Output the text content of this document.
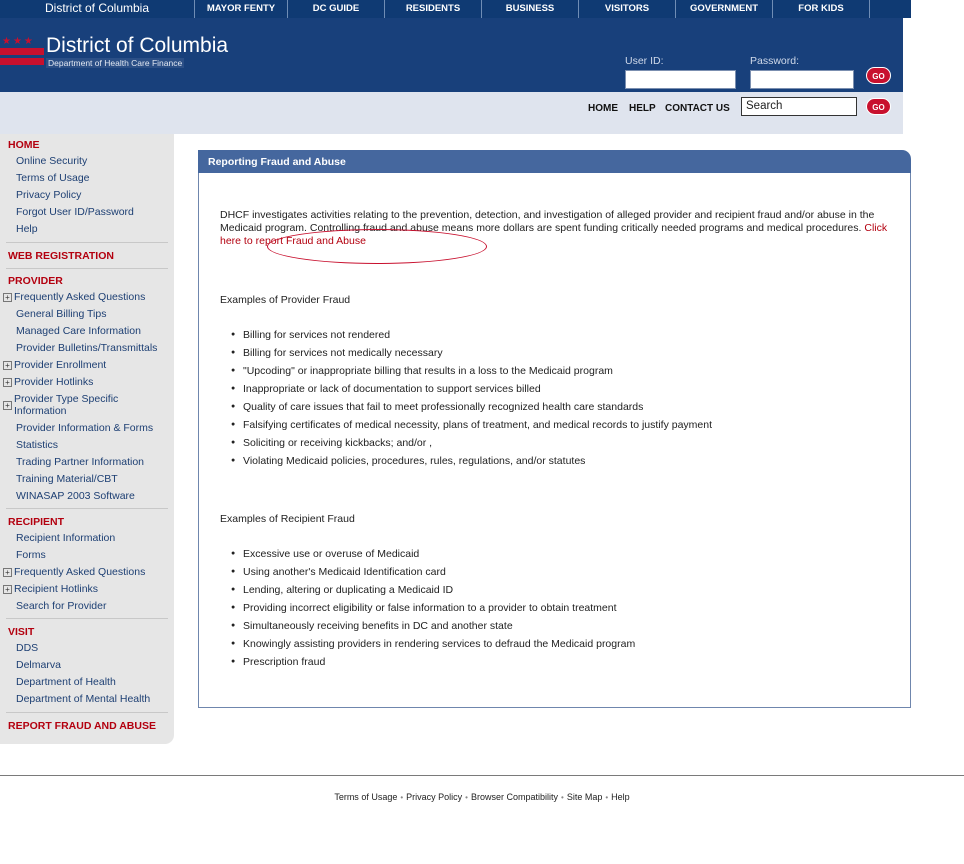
District of Columbia	MAYOR FENTY	DC GUIDE	RESIDENTS	BUSINESS	VISITORS	GOVERNMENT	FOR KIDS
★★★ District of Columbia
Department of Health Care Finance	User ID:	Password:
GO
HOME HELP CONTACT US	Search	GO
HOME
Online Security
Terms of Usage
Privacy Policy
Forgot User ID/Password
Help
WEB REGISTRATION
PROVIDER
+ Frequently Asked Questions
General Billing Tips
Managed Care Information
Provider Bulletins/Transmittals
+ Provider Enrollment
+ Provider Hotlinks
+Provider Type Specific
Information
Provider Information & Forms
Statistics
Trading Partner Information
Training Material/CBT
WINASAP 2003 Software
RECIPIENT
Recipient Information
Forms
+ Frequently Asked Questions
+ Recipient Hotlinks
Search for Provider
VISIT
DDS
Delmarva
Department of Health
Department of Mental Health
REPORT FRAUD AND ABUSE
Reporting Fraud and Abuse
DHCF investigates activities relating to the prevention, detection, and investigation of alleged provider and recipient fraud and/or abuse in the Medicaid program. Controlling fraud and abuse means more dollars are spent funding critically needed programs and medical procedures. Click here to report Fraud and Abuse
Examples of Provider Fraud
● Billing for services not rendered
● Billing for services not medically necessary
● "Upcoding" or inappropriate billing that results in a loss to the Medicaid program
● Inappropriate or lack of documentation to support services billed
● Quality of care issues that fail to meet professionally recognized health care standards
● Falsifying certificates of medical necessity, plans of treatment, and medical records to justify payment
● Soliciting or receiving kickbacks; and/or ,
● Violating Medicaid policies, procedures, rules, regulations, and/or statutes
Examples of Recipient Fraud
● Excessive use or overuse of Medicaid
● Using another's Medicaid Identification card
● Lending, altering or duplicating a Medicaid ID
● Providing incorrect eligibility or false information to a provider to obtain treatment
● Simultaneously receiving benefits in DC and another state
● Knowingly assisting providers in rendering services to defraud the Medicaid program
● Prescription fraud
Terms of Usage • Privacy Policy • Browser Compatibility • Site Map • Help
